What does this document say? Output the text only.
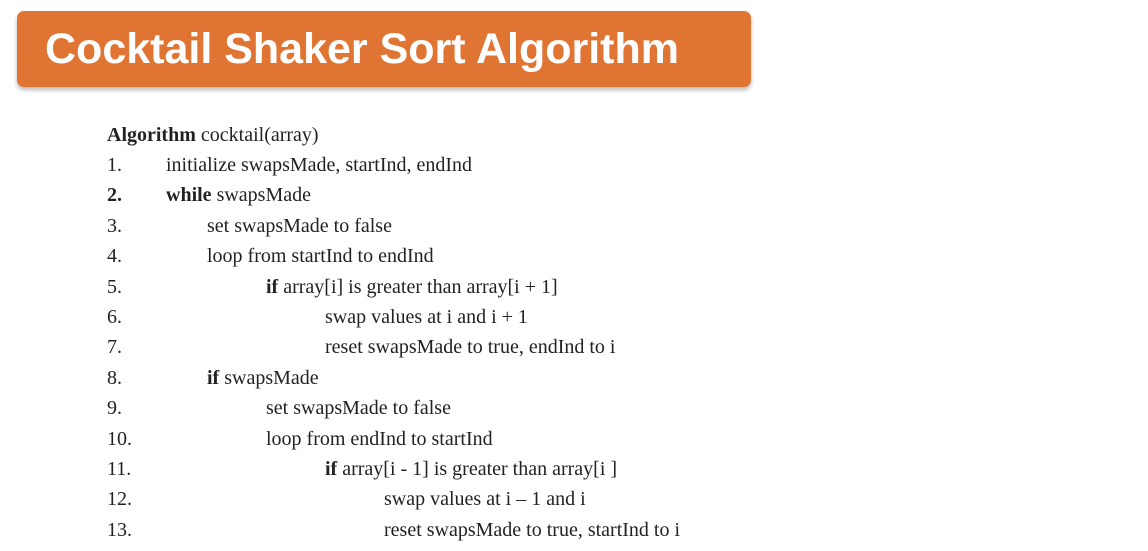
Cocktail Shaker Sort Algorithm
Algorithm cocktail(array)
1. initialize swapsMade, startInd, endInd
2. while swapsMade
3.	set swapsMade to false
4.	loop from startInd to endInd
5.	if array[i] is greater than array[i + 1]
6.	swap values at i and i + 1
7.	reset swapsMade to true, endInd to i
8.	if swapsMade
9.	set swapsMade to false
10.	loop from endInd to startInd
11.	if array[i - 1] is greater than array[i ]
12.	swap values at i – 1 and i
13.	reset swapsMade to true, startInd to i
